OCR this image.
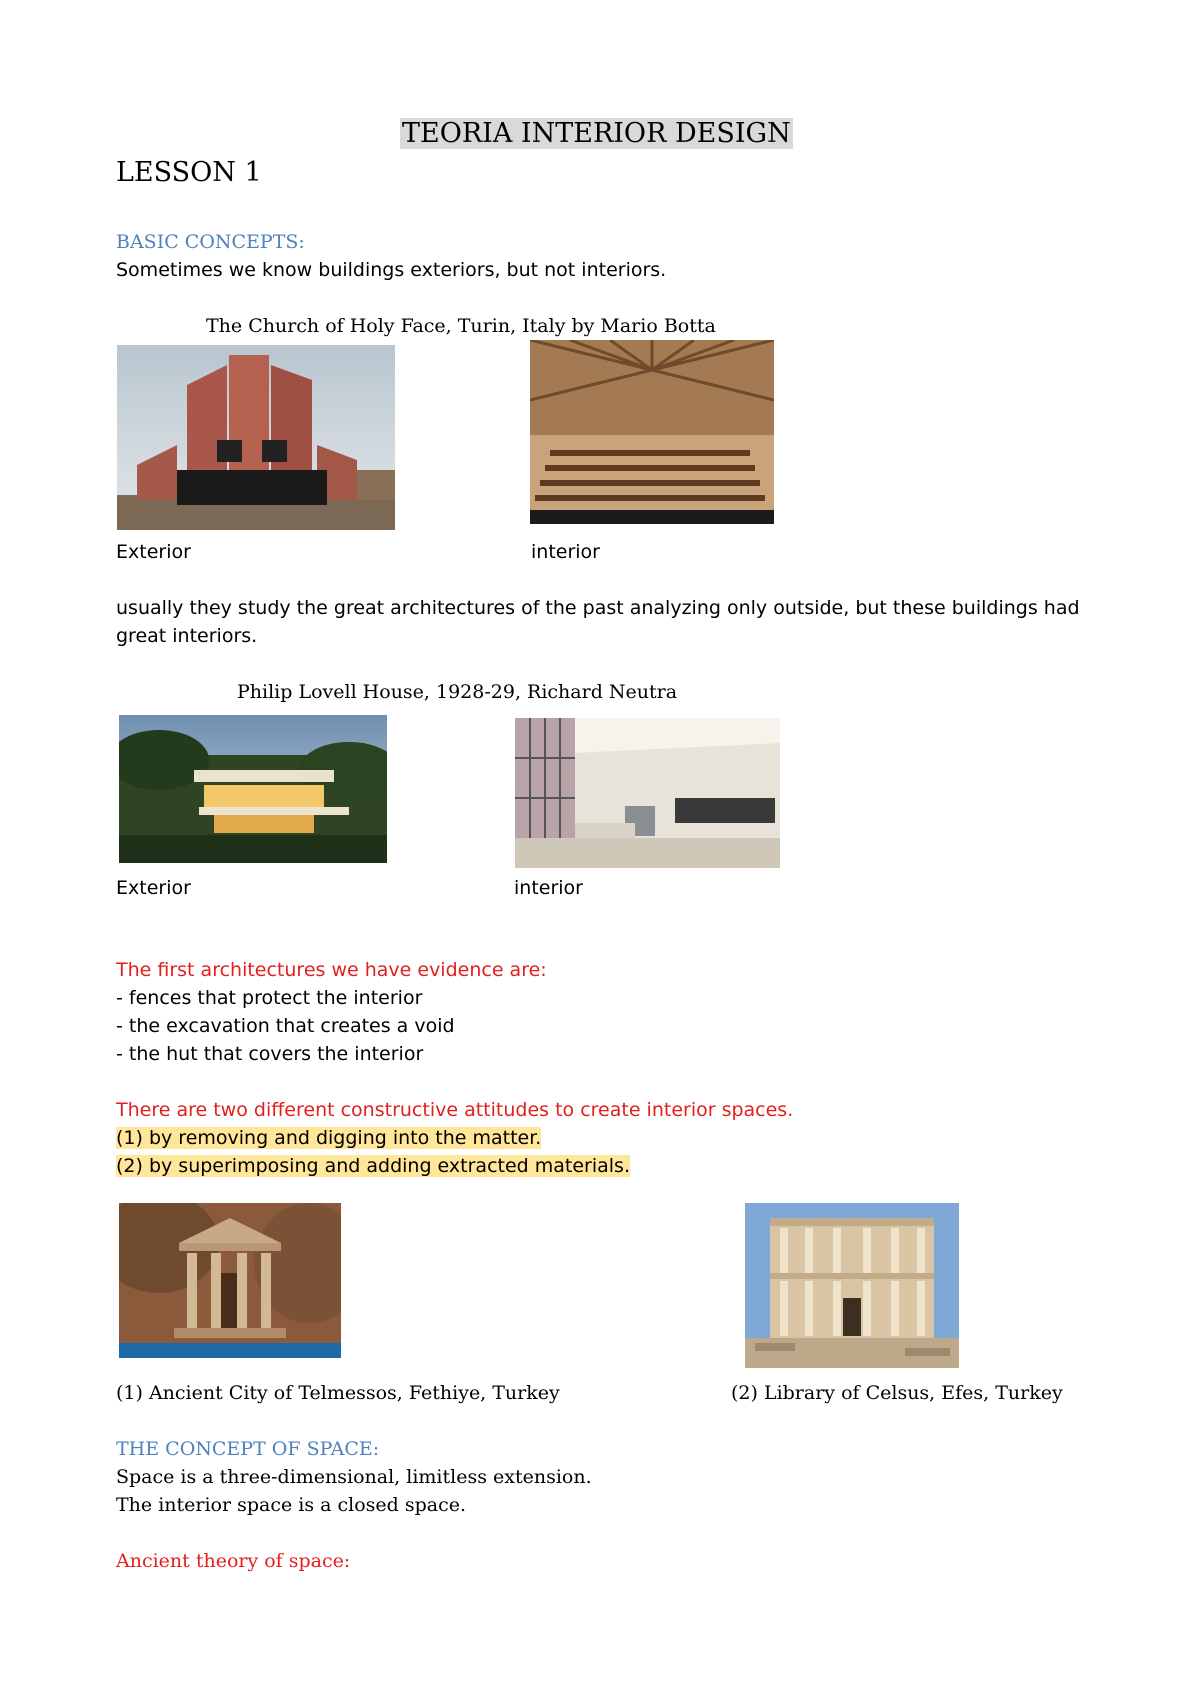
TEORIA INTERIOR DESIGN
LESSON 1
BASIC CONCEPTS:
Sometimes we know buildings exteriors, but not interiors.
The Church of Holy Face, Turin, Italy by Mario Botta
Exterior	interior
usually they study the great architectures of the past analyzing only outside, but these buildings had
great interiors.
Philip Lovell House, 1928-29, Richard Neutra
Exterior	interior
The first architectures we have evidence are:
- fences that protect the interior
- the excavation that creates a void
- the hut that covers the interior
There are two different constructive attitudes to create interior spaces.
(1) by removing and digging into the matter.
(2) by superimposing and adding extracted materials.
(1) Ancient City of Telmessos, Fethiye, Turkey	(2) Library of Celsus, Efes, Turkey
THE CONCEPT OF SPACE:
Space is a three-dimensional, limitless extension.
The interior space is a closed space.
Ancient theory of space:
